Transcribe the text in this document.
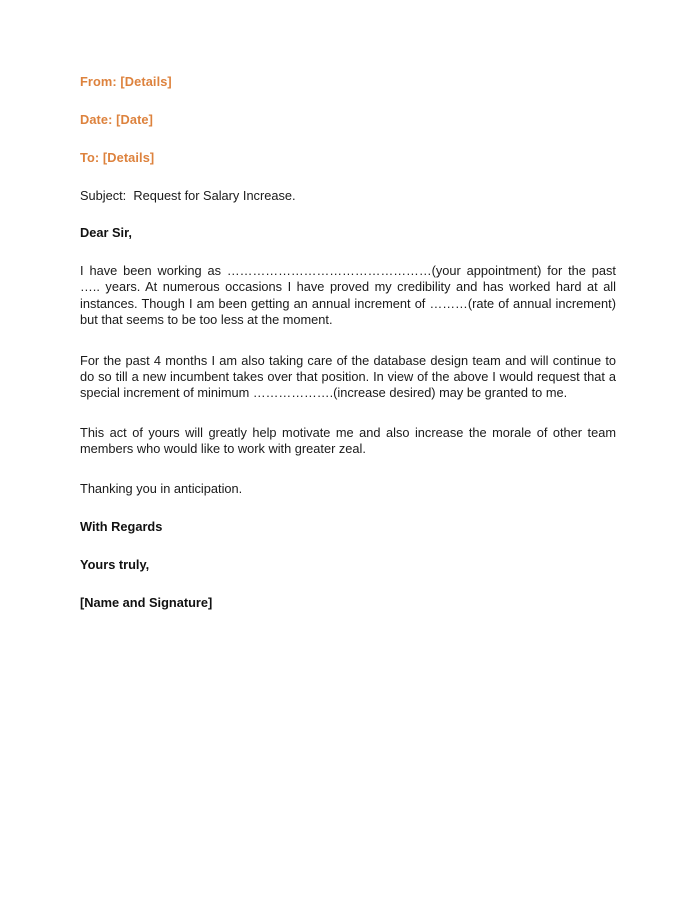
From: [Details]

Date: [Date]

To: [Details]

Subject:  Request for Salary Increase.

Dear Sir,

I have been working as …………………………………………(your appointment) for the past ….. years. At numerous occasions I have proved my credibility and has worked hard at all instances. Though I am been getting an annual increment of ………(rate of annual increment)  but that seems to be too less at the moment.

For the past 4 months I am also taking care of the database design team and will continue to do so till a new incumbent takes over that position. In view of the above I would request that a special increment of minimum ……………….(increase desired) may be granted to me.

This act of yours will greatly help motivate me and also increase the morale of other team members who would like to work with greater zeal.

Thanking you in anticipation.

With Regards

Yours truly,

[Name and Signature]
